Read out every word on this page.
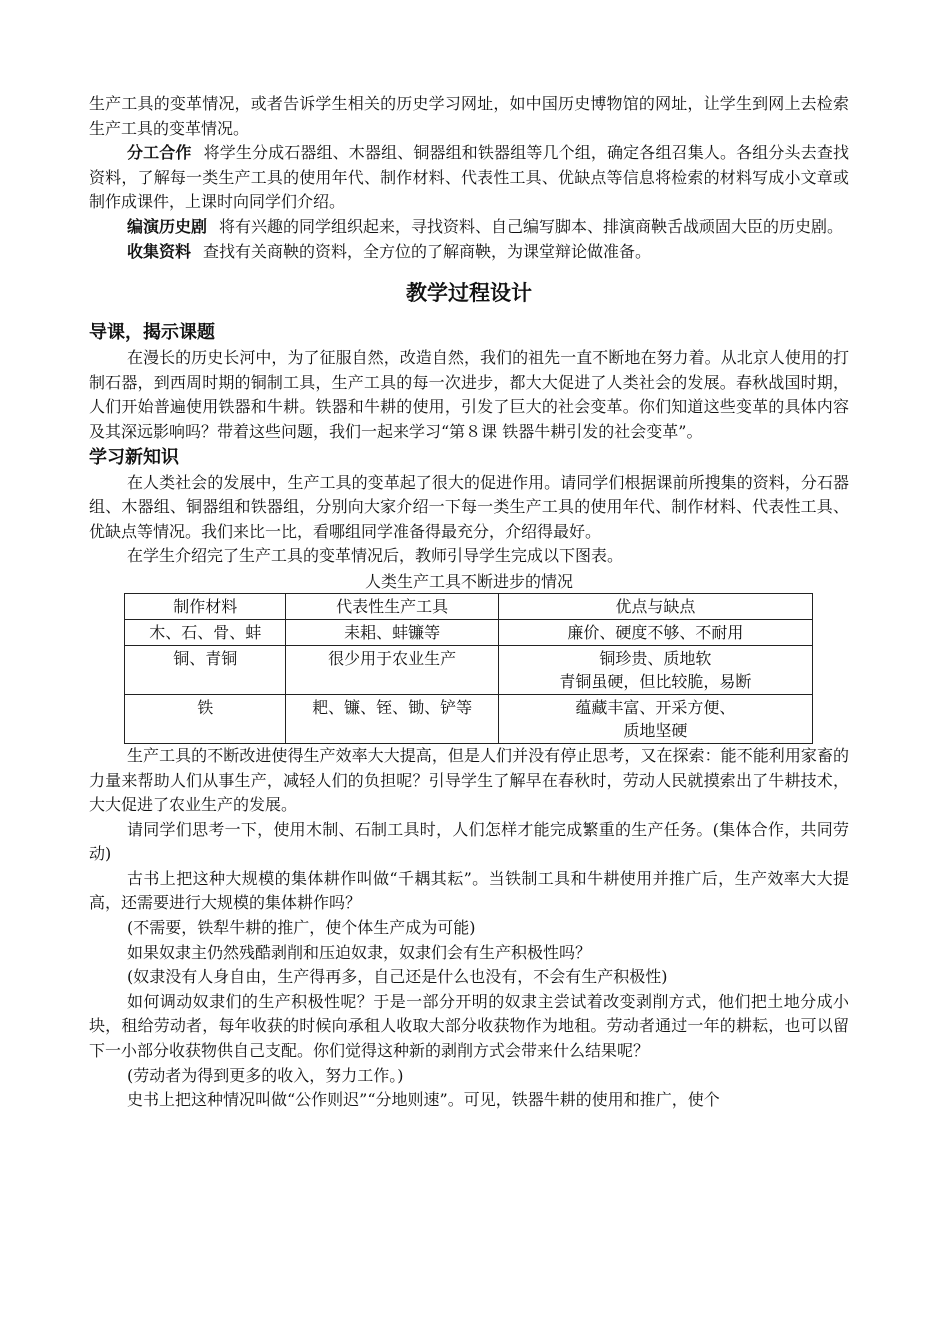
生产工具的变革情况，或者告诉学生相关的历史学习网址，如中国历史博物馆的网址，让学生到网上去检索生产工具的变革情况。

分工合作 将学生分成石器组、木器组、铜器组和铁器组等几个组，确定各组召集人。各组分头去查找资料，了解每一类生产工具的使用年代、制作材料、代表性工具、优缺点等信息将检索的材料写成小文章或制作成课件，上课时向同学们介绍。

编演历史剧 将有兴趣的同学组织起来，寻找资料、自己编写脚本、排演商鞅舌战顽固大臣的历史剧。

收集资料 查找有关商鞅的资料，全方位的了解商鞅，为课堂辩论做准备。

教学过程设计
导课，揭示课题

在漫长的历史长河中，为了征服自然，改造自然，我们的祖先一直不断地在努力着。从北京人使用的打制石器，到西周时期的铜制工具，生产工具的每一次进步，都大大促进了人类社会的发展。春秋战国时期，人们开始普遍使用铁器和牛耕。铁器和牛耕的使用，引发了巨大的社会变革。你们知道这些变革的具体内容及其深远影响吗？带着这些问题，我们一起来学习“第８课 铁器牛耕引发的社会变革”。

学习新知识

在人类社会的发展中，生产工具的变革起了很大的促进作用。请同学们根据课前所搜集的资料，分石器组、木器组、铜器组和铁器组，分别向大家介绍一下每一类生产工具的使用年代、制作材料、代表性工具、优缺点等情况。我们来比一比，看哪组同学准备得最充分，介绍得最好。

在学生介绍完了生产工具的变革情况后，教师引导学生完成以下图表。

人类生产工具不断进步的情况
制作材料	代表性生产工具	优点与缺点
木、石、骨、蚌	耒耜、蚌镰等	廉价、硬度不够、不耐用

铜、青铜	很少用于农业生产	铜珍贵、质地软
青铜虽硬，但比较脆，易断

铁	耙、镰、铚、锄、铲等	蕴藏丰富、开采方便、
质地坚硬

生产工具的不断改进使得生产效率大大提高，但是人们并没有停止思考，又在探索：能不能利用家畜的力量来帮助人们从事生产，减轻人们的负担呢？引导学生了解早在春秋时，劳动人民就摸索出了牛耕技术，大大促进了农业生产的发展。

请同学们思考一下，使用木制、石制工具时，人们怎样才能完成繁重的生产任务。(集体合作，共同劳动)

古书上把这种大规模的集体耕作叫做“千耦其耘”。当铁制工具和牛耕使用并推广后，生产效率大大提高，还需要进行大规模的集体耕作吗？

(不需要，铁犁牛耕的推广，使个体生产成为可能)

如果奴隶主仍然残酷剥削和压迫奴隶，奴隶们会有生产积极性吗？

(奴隶没有人身自由，生产得再多，自己还是什么也没有，不会有生产积极性)

如何调动奴隶们的生产积极性呢？于是一部分开明的奴隶主尝试着改变剥削方式，他们把土地分成小块，租给劳动者，每年收获的时候向承租人收取大部分收获物作为地租。劳动者通过一年的耕耘，也可以留下一小部分收获物供自己支配。你们觉得这种新的剥削方式会带来什么结果呢？

(劳动者为得到更多的收入，努力工作。)

史书上把这种情况叫做“公作则迟”“分地则速”。可见，铁器牛耕的使用和推广，使个
